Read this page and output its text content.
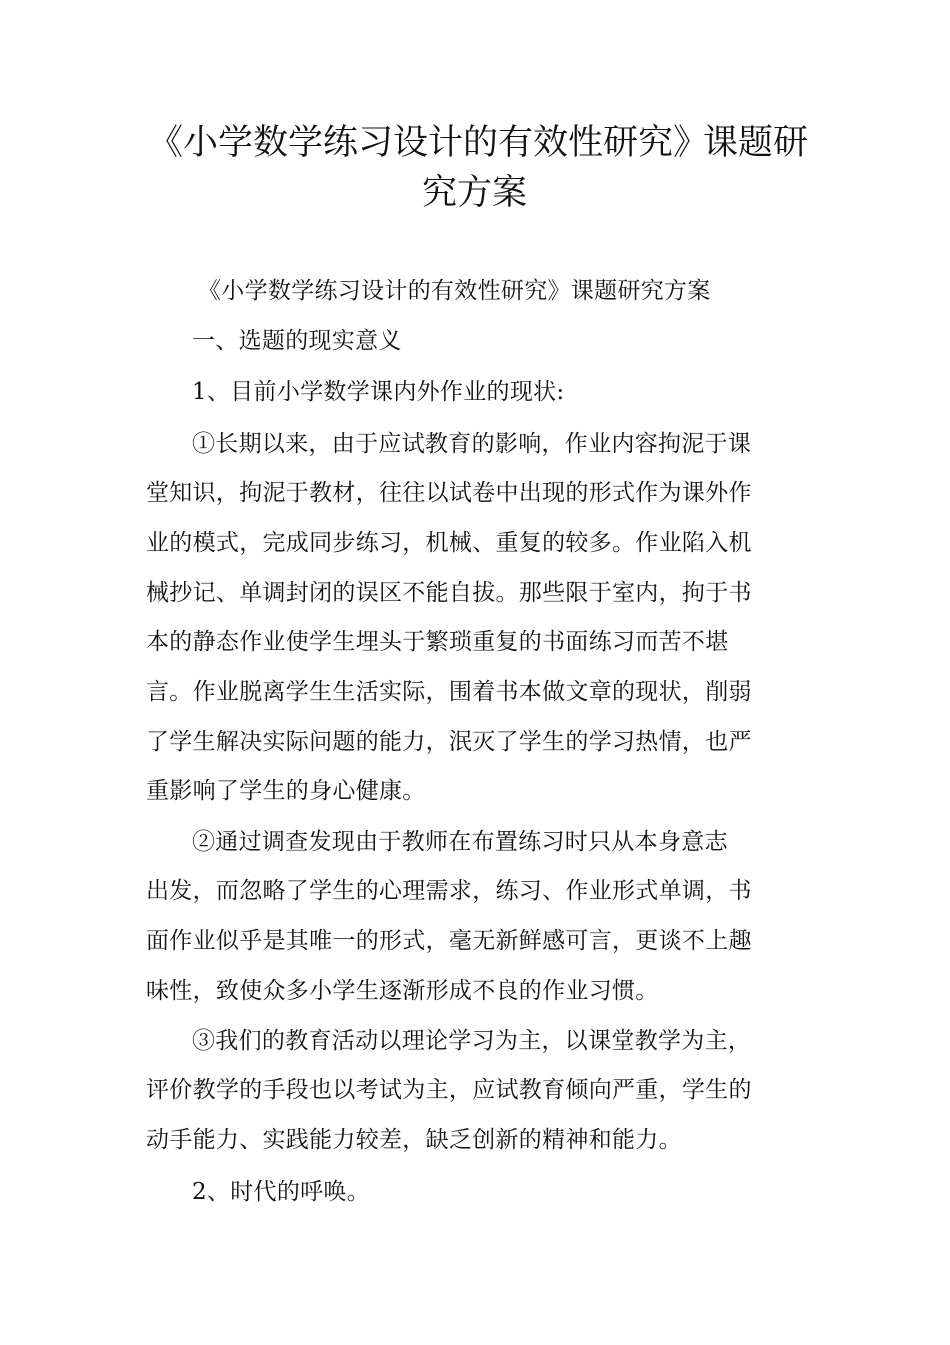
《小学数学练习设计的有效性研究》
课题研
究方案
《小学数学练习设计的有效性研究》课题研究方案
一、选题的现实意义
1、目前小学数学课内外作业的现状:
①长期以来，由于应试教育的影响，作业内容拘泥于课
堂知识，拘泥于教材，往往以试卷中出现的形式作为课外作
业的模式，完成同步练习，机械、重复的较多。作业陷入机
械抄记、单调封闭的误区不能自拔。那些限于室内，拘于书
本的静态作业使学生埋头于繁琐重复的书面练习而苦不堪
言。作业脱离学生生活实际，围着书本做文章的现状，削弱
了学生解决实际问题的能力，泯灭了学生的学习热情，也严
重影响了学生的身心健康。
②通过调查发现由于教师在布置练习时只从本身意志
出发，而忽略了学生的心理需求，练习、作业形式单调，书
面作业似乎是其唯一的形式，毫无新鲜感可言，更谈不上趣
味性，致使众多小学生逐渐形成不良的作业习惯。
③我们的教育活动以理论学习为主，以课堂教学为主，
评价教学的手段也以考试为主，应试教育倾向严重，学生的
动手能力、实践能力较差，缺乏创新的精神和能力。
2、时代的呼唤。
